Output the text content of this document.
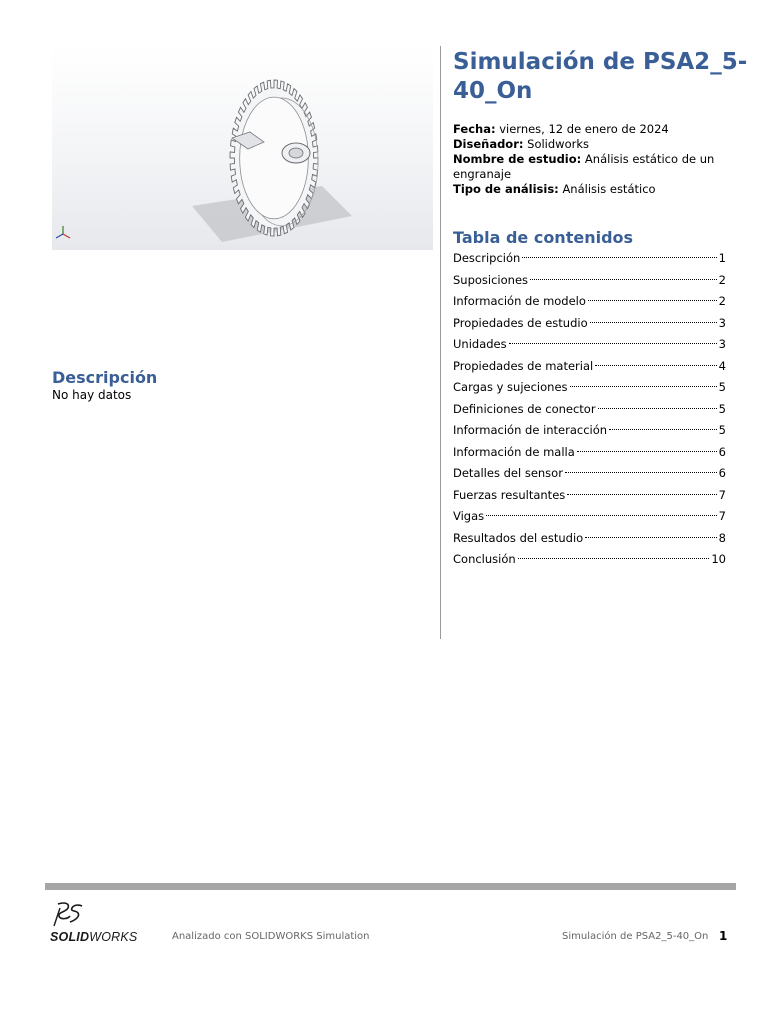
Simulación de PSA2_5-40_On
Fecha: viernes, 12 de enero de 2024
Diseñador: Solidworks
Nombre de estudio: Análisis estático de un engranaje
Tipo de análisis: Análisis estático
Tabla de contenidos
Descripción	1
Suposiciones	2
Información de modelo	2
Propiedades de estudio	3
Unidades	3
Propiedades de material	4
Cargas y sujeciones	5
Definiciones de conector	5
Información de interacción	5
Información de malla	6
Detalles del sensor	6
Fuerzas resultantes	7
Vigas	7
Resultados del estudio	8
Conclusión	10
Descripción
No hay datos
SOLIDWORKS	Analizado con SOLIDWORKS Simulation	Simulación de PSA2_5-40_On 1
